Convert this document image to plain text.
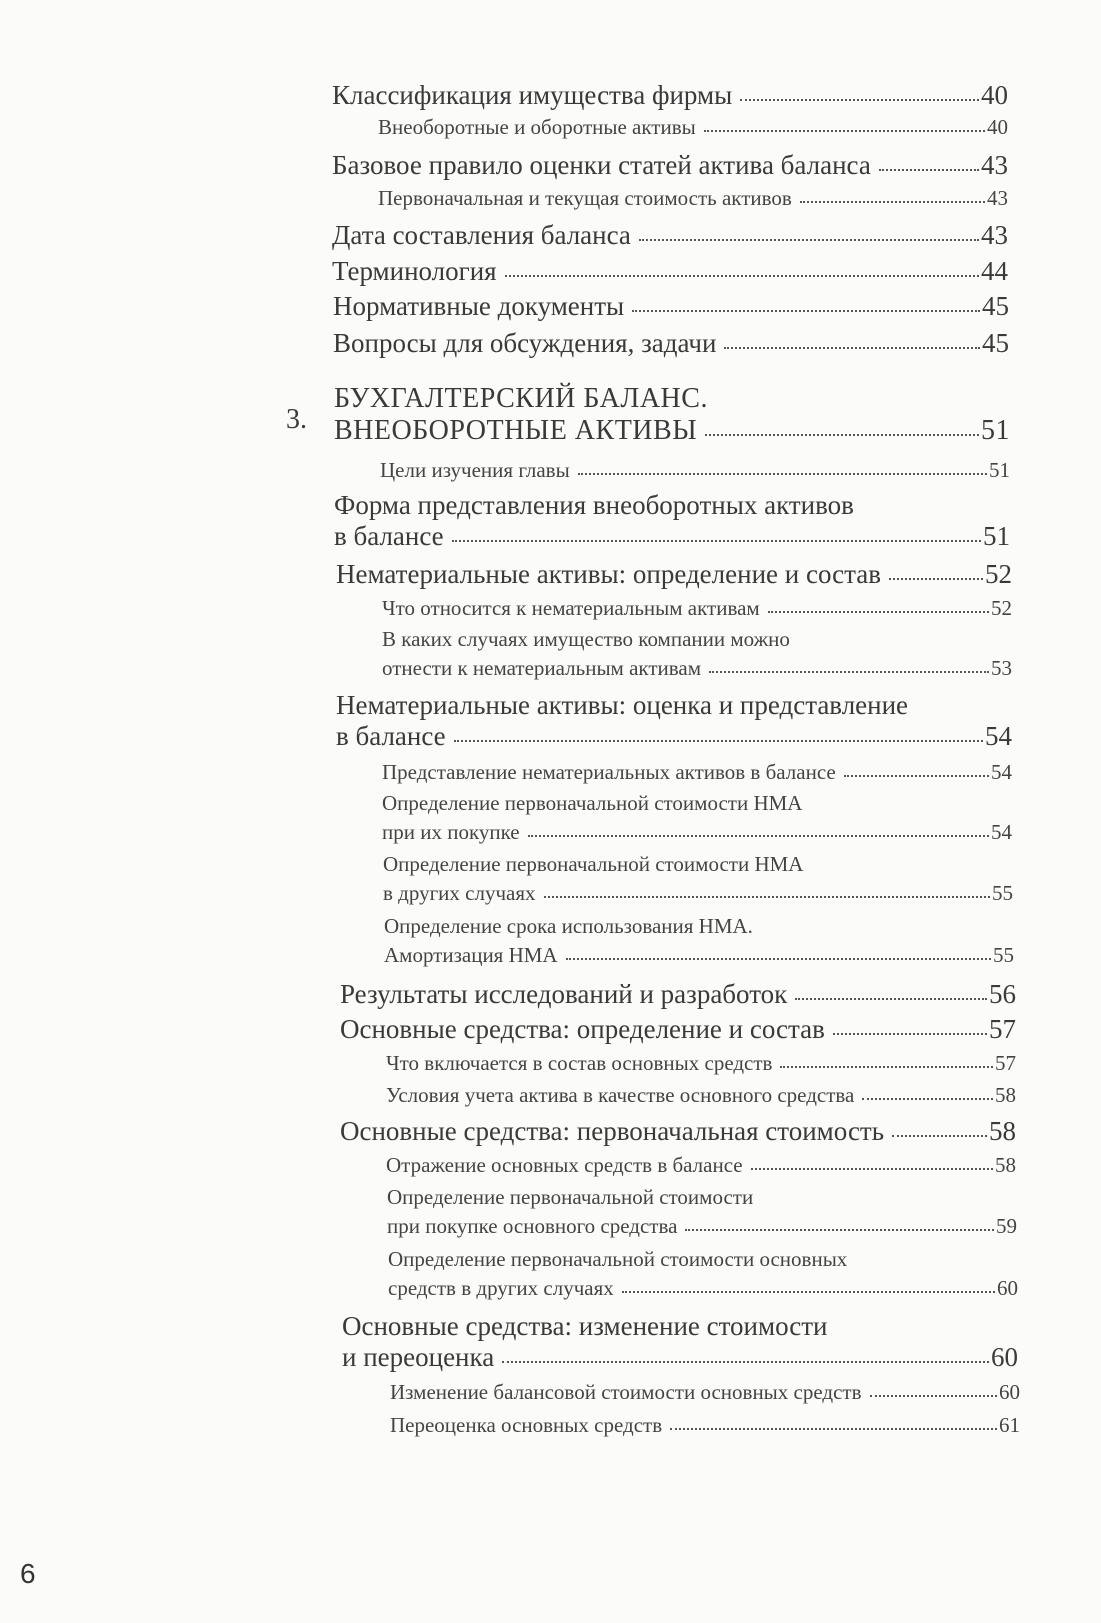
Классификация имущества фирмы	40
Внеоборотные и оборотные активы	40
Базовое правило оценки статей актива баланса	43
Первоначальная и текущая стоимость активов	43
Дата составления баланса	43
Терминология	44
Нормативные документы	45
Вопросы для обсуждения, задачи	45
3.
БУХГАЛТЕРСКИЙ БАЛАНС.
ВНЕОБОРОТНЫЕ АКТИВЫ	51
Цели изучения главы	51
Форма представления внеоборотных активов
в балансе	51
Нематериальные активы: определение и состав	52
Что относится к нематериальным активам	52
В каких случаях имущество компании можно
отнести к нематериальным активам	53
Нематериальные активы: оценка и представление
в балансе	54
Представление нематериальных активов в балансе	54
Определение первоначальной стоимости НМА
при их покупке	54
Определение первоначальной стоимости НМА
в других случаях	55
Определение срока использования НМА.
Амортизация НМА	55
Результаты исследований и разработок	56
Основные средства: определение и состав	57
Что включается в состав основных средств	57
Условия учета актива в качестве основного средства	58
Основные средства: первоначальная стоимость	58
Отражение основных средств в балансе	58
Определение первоначальной стоимости
при покупке основного средства	59
Определение первоначальной стоимости основных
средств в других случаях	60
Основные средства: изменение стоимости
и переоценка	60
Изменение балансовой стоимости основных средств	60
Переоценка основных средств	61
6
